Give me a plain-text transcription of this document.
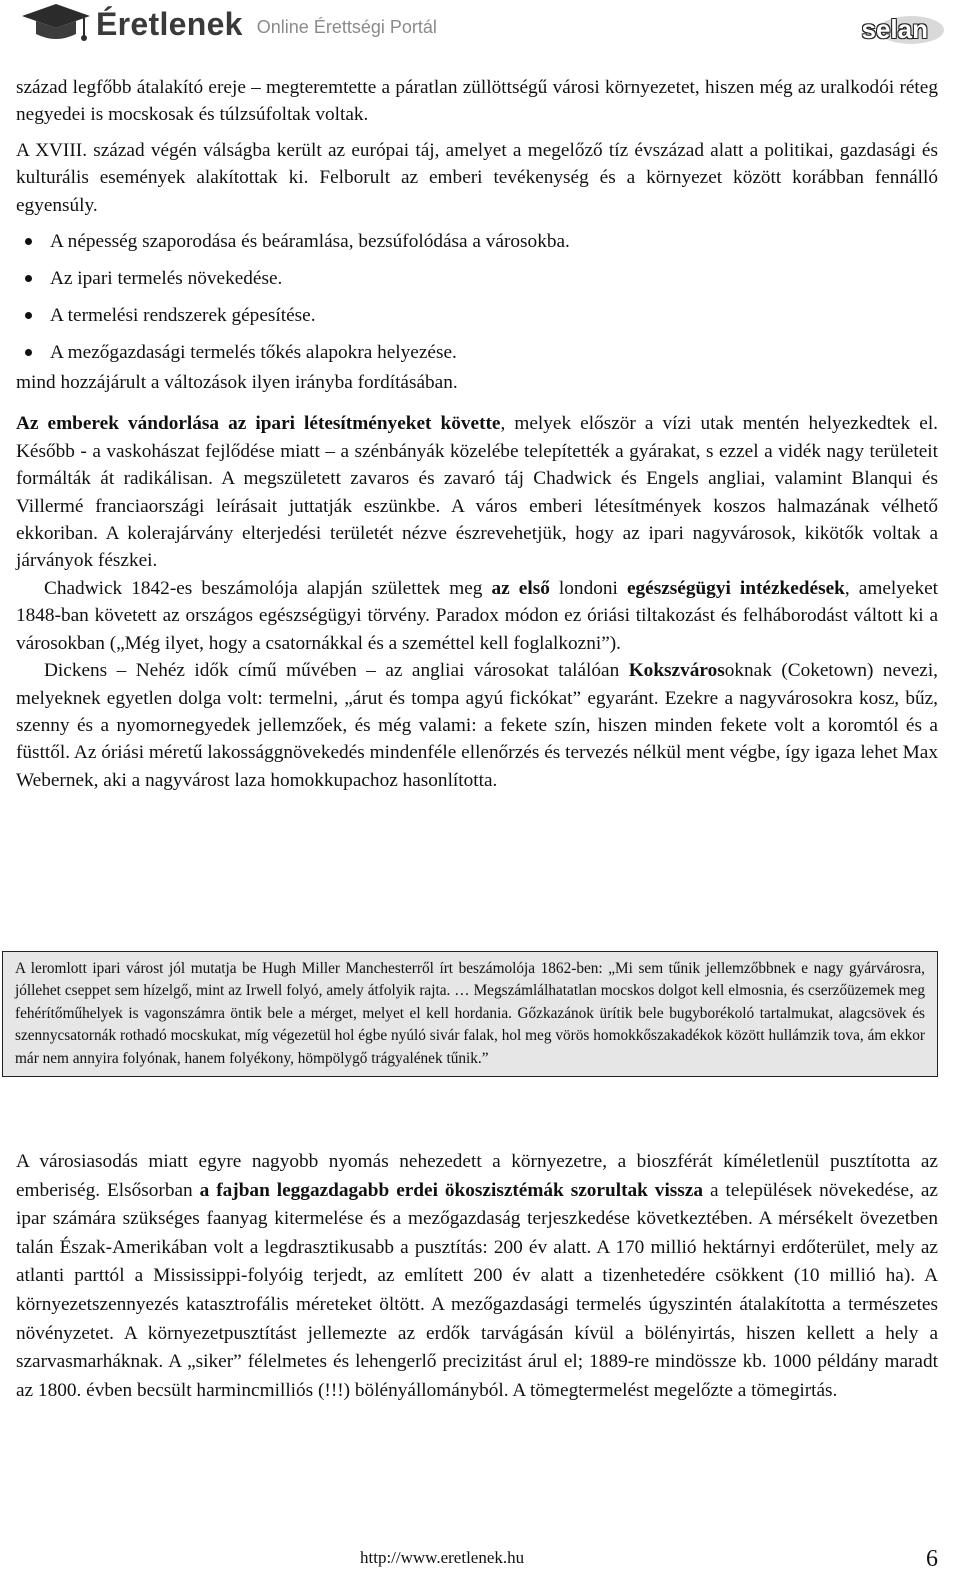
Éretlenek Online Érettségi Portál	selan

század legfőbb átalakító ereje – megteremtette a páratlan züllöttségű városi környezetet, hiszen még az uralkodói réteg negyedei is mocskosak és túlzsúfoltak voltak.

A XVIII. század végén válságba került az európai táj, amelyet a megelőző tíz évszázad alatt a politikai, gazdasági és kulturális események alakítottak ki. Felborult az emberi tevékenység és a környezet között korábban fennálló egyensúly.

A népesség szaporodása és beáramlása, bezsúfolódása a városokba.
Az ipari termelés növekedése.
A termelési rendszerek gépesítése.
A mezőgazdasági termelés tőkés alapokra helyezése.

mind hozzájárult a változások ilyen irányba fordításában.

Az emberek vándorlása az ipari létesítményeket követte, melyek először a vízi utak mentén helyezkedtek el. Később - a vaskohászat fejlődése miatt – a szénbányák közelébe telepítették a gyárakat, s ezzel a vidék nagy területeit formálták át radikálisan. A megszületett zavaros és zavaró táj Chadwick és Engels angliai, valamint Blanqui és Villermé franciaországi leírásait juttatják eszünkbe. A város emberi létesítmények koszos halmazának vélhető ekkoriban. A kolerajárvány elterjedési területét nézve észrevehetjük, hogy az ipari nagyvárosok, kikötők voltak a járványok fészkei.

Chadwick 1842-es beszámolója alapján születtek meg az első londoni egészségügyi intézkedések, amelyeket 1848-ban követett az országos egészségügyi törvény. Paradox módon ez óriási tiltakozást és felháborodást váltott ki a városokban („Még ilyet, hogy a csatornákkal és a szeméttel kell foglalkozni”).

Dickens – Nehéz idők című művében – az angliai városokat találóan Kokszvárosoknak (Coketown) nevezi, melyeknek egyetlen dolga volt: termelni, „árut és tompa agyú fickókat” egyaránt. Ezekre a nagyvárosokra kosz, bűz, szenny és a nyomornegyedek jellemzőek, és még valami: a fekete szín, hiszen minden fekete volt a koromtól és a füsttől. Az óriási méretű lakossággnövekedés mindenféle ellenőrzés és tervezés nélkül ment végbe, így igaza lehet Max Webernek, aki a nagyvárost laza homokkupachoz hasonlította.

A leromlott ipari várost jól mutatja be Hugh Miller Manchesterről írt beszámolója 1862-ben: „Mi sem tűnik jellemzőbbnek e nagy gyárvárosra, jóllehet cseppet sem hízelgő, mint az Irwell folyó, amely átfolyik rajta. … Megszámlálhatatlan mocskos dolgot kell elmosnia, és cserzőüzemek meg fehérítőműhelyek is vagonszámra öntik bele a mérget, melyet el kell hordania. Gőzkazánok ürítik bele bugyborékoló tartalmukat, alagcsövek és szennycsatornák rothadó mocskukat, míg végezetül hol égbe nyúló sivár falak, hol meg vörös homokkőszakadékok között hullámzik tova, ám ekkor már nem annyira folyónak, hanem folyékony, hömpölygő trágyalének tűnik.”

A városiasodás miatt egyre nagyobb nyomás nehezedett a környezetre, a bioszférát kíméletlenül pusztította az emberiség. Elsősorban a fajban leggazdagabb erdei ökoszisztémák szorultak vissza a települések növekedése, az ipar számára szükséges faanyag kitermelése és a mezőgazdaság terjeszkedése következtében. A mérsékelt övezetben talán Észak-Amerikában volt a legdrasztikusabb a pusztítás: 200 év alatt. A 170 millió hektárnyi erdőterület, mely az atlanti parttól a Mississippi-folyóig terjedt, az említett 200 év alatt a tizenhetedére csökkent (10 millió ha). A környezetszennyezés katasztrofális méreteket öltött. A mezőgazdasági termelés úgyszintén átalakította a természetes növényzetet. A környezetpusztítást jellemezte az erdők tarvágásán kívül a bölényirtás, hiszen kellett a hely a szarvasmarháknak. A „siker” félelmetes és lehengerlő precizitást árul el; 1889-re mindössze kb. 1000 példány maradt az 1800. évben becsült harmincmilliós (!!!) bölényállományból. A tömegtermelést megelőzte a tömegirtás.

http://www.eretlenek.hu	6
